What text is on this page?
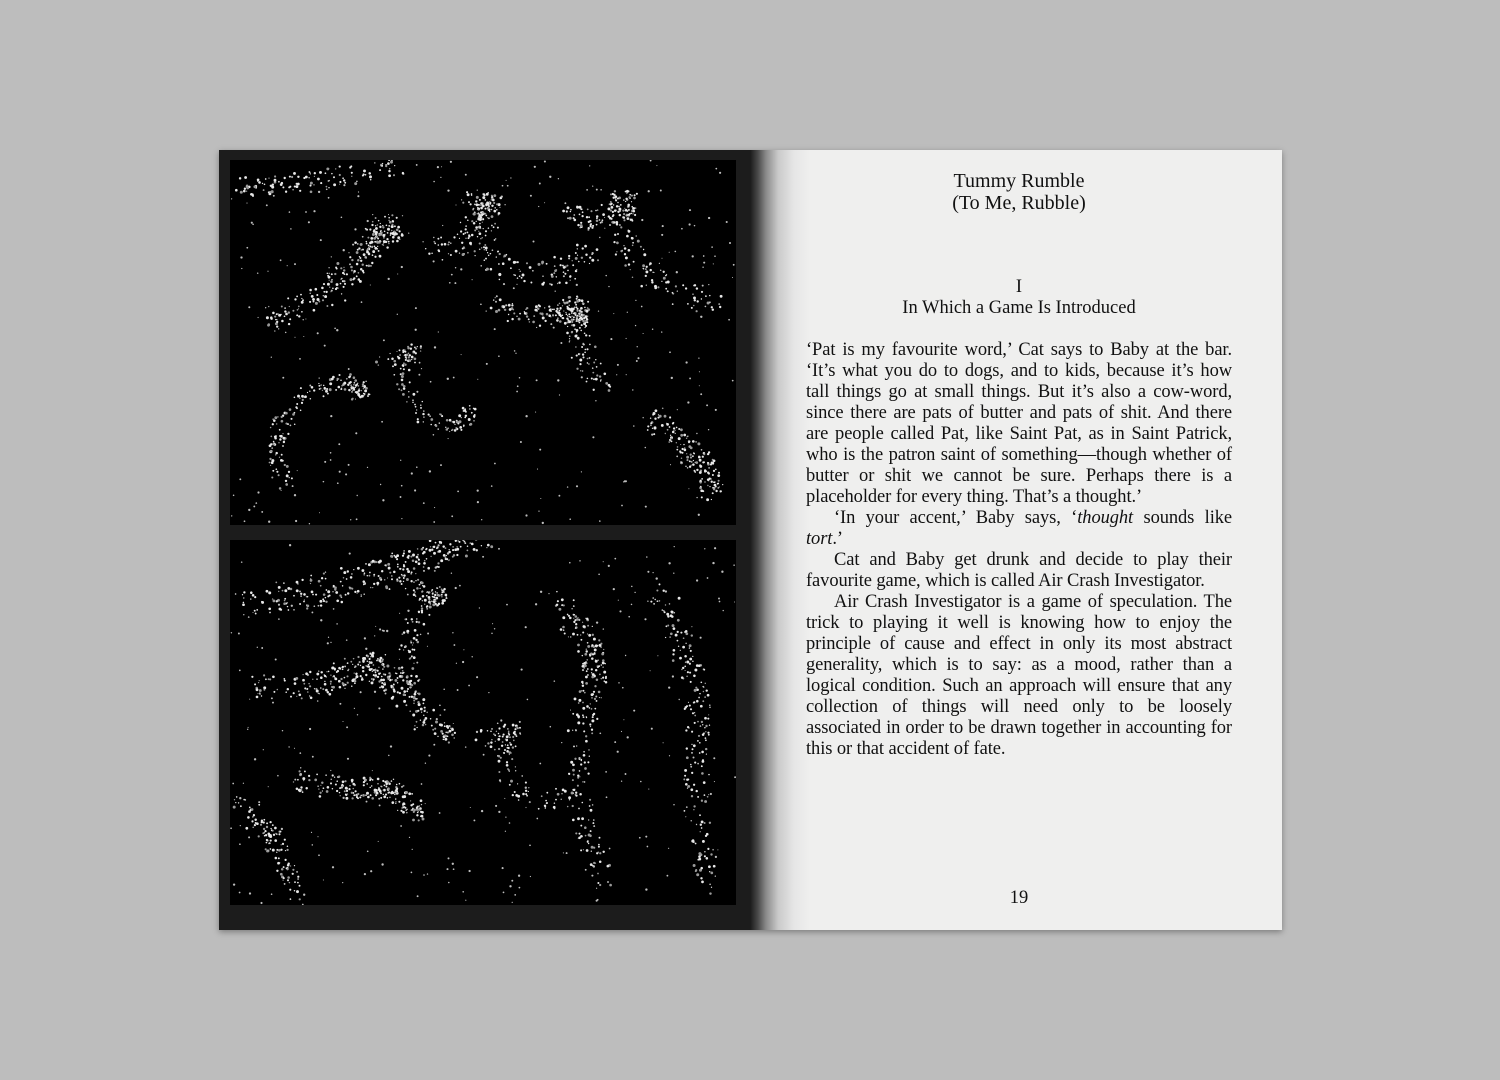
Tummy Rumble
(To Me, Rubble)

I
In Which a Game Is Introduced

‘Pat is my favourite word,’ Cat says to Baby at the bar. ‘It’s what you do to dogs, and to kids, because it’s how tall things go at small things. But it’s also a cow-word, since there are pats of butter and pats of shit. And there are people called Pat, like Saint Pat, as in Saint Patrick, who is the patron saint of something—though whether of butter or shit we cannot be sure. Perhaps there is a placeholder for every thing. That’s a thought.’

‘In your accent,’ Baby says, ‘thought sounds like tort.’

Cat and Baby get drunk and decide to play their favourite game, which is called Air Crash Investigator.

Air Crash Investigator is a game of speculation. The trick to playing it well is knowing how to enjoy the principle of cause and effect in only its most abstract generality, which is to say: as a mood, rather than a logical condition. Such an approach will ensure that any collection of things will need only to be loosely associated in order to be drawn together in accounting for this or that accident of fate.

19
